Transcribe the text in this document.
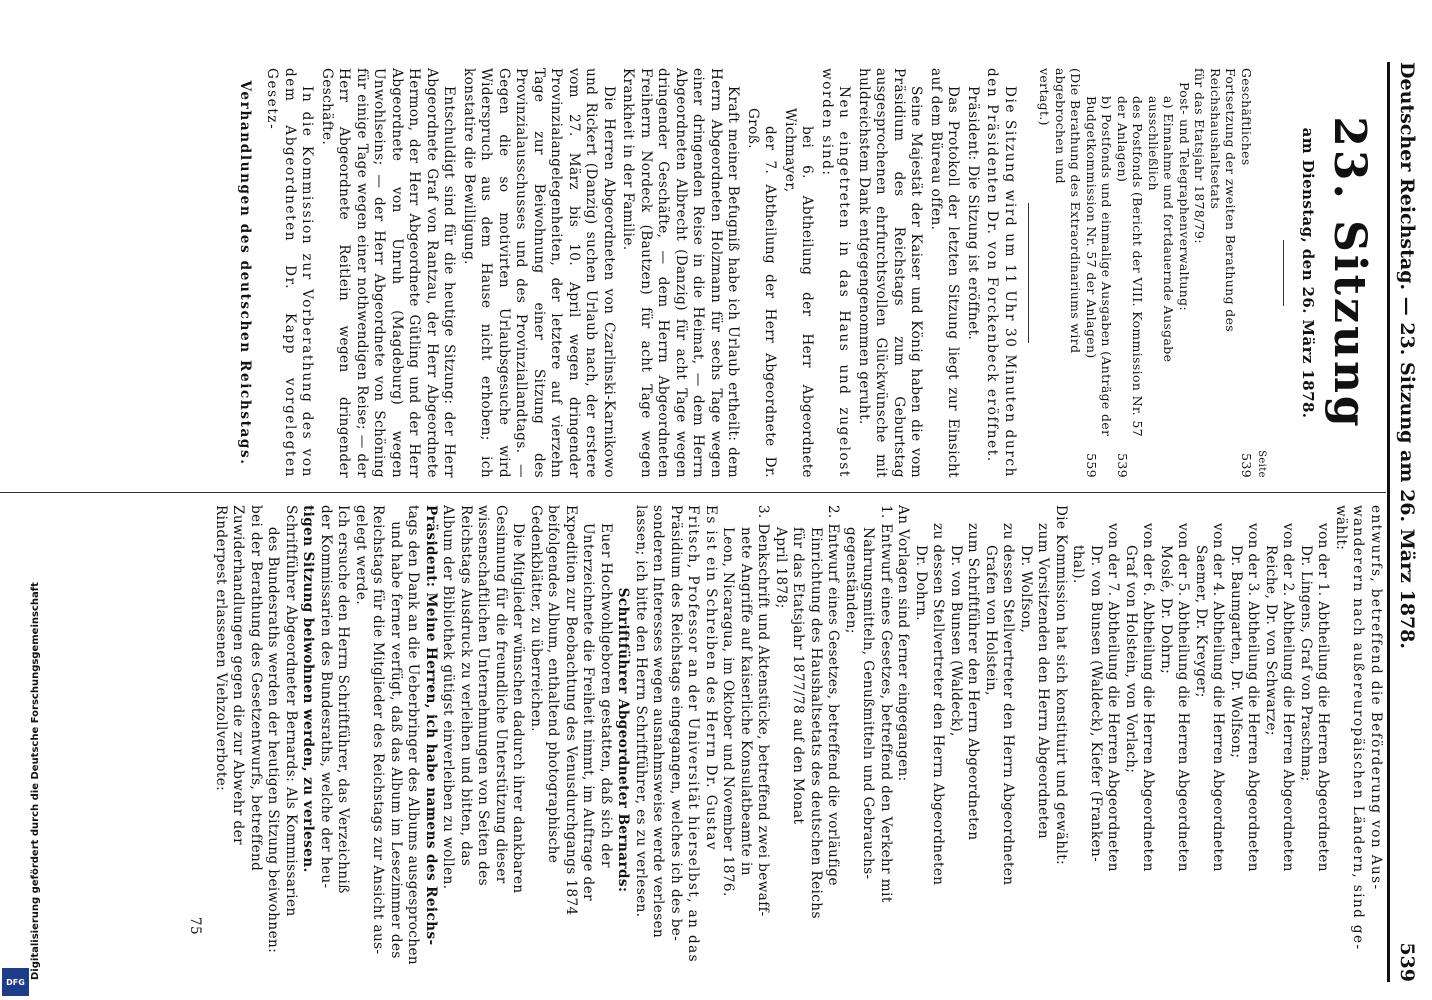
Deutscher Reichstag. — 23. Sitzung am 26. März 1878.
539
entwurfs, betreffend die Beförderung von Aus-
wanderern nach außereuropäischen Ländern, sind ge-
wählt:
von der 1. Abtheilung die Herren Abgeordneten
Dr. Lingens, Graf von Praschma;
von der 2. Abtheilung die Herren Abgeordneten
Reiche, Dr. von Schwarze;
von der 3. Abtheilung die Herren Abgeordneten
Dr. Baumgarten, Dr. Wolfson;
von der 4. Abtheilung die Herren Abgeordneten
Saemer, Dr. Kreyger;
von der 5. Abtheilung die Herren Abgeordneten
Moslé, Dr. Dohrn;
von der 6. Abtheilung die Herren Abgeordneten
Graf von Holstein, von Vorlach;
von der 7. Abtheilung die Herren Abgeordneten
Dr. von Bunsen (Waldeck), Kiefer (Franken-
thal).
Die Kommission hat sich konstituirt und gewählt:
zum Vorsitzenden den Herrn Abgeordneten
Dr. Wolfson,
zu dessen Stellvertreter den Herrn Abgeordneten
Grafen von Holstein,
zum Schriftführer den Herrn Abgeordneten
Dr. von Bunsen (Waldeck),
zu dessen Stellvertreter den Herrn Abgeordneten
Dr. Dohrn.
An Vorlagen sind ferner eingegangen:
1. Entwurf eines Gesetzes, betreffend den Verkehr mit
Nahrungsmitteln, Genußmitteln und Gebrauchs-
gegenständen;
2. Entwurf eines Gesetzes, betreffend die vorläufige
Einrichtung des Haushaltsetats des deutschen Reichs
für das Etatsjahr 1877/78 auf den Monat
April 1878;
3. Denkschrift und Aktenstücke, betreffend zwei bewaff-
nete Angriffe auf kaiserliche Konsulatbeamte in
Leon, Nicaragua, im Oktober und November 1876.
Es ist ein Schreiben des Herrn Dr. Gustav
Fritsch, Professor an der Universität hierselbst, an das
Präsidium des Reichstags eingegangen, welches ich des be-
sonderen Interesses wegen ausnahmsweise werde verlesen
lassen; ich bitte den Herrn Schriftführer, es zu verlesen.
Schriftführer Abgeordneter Bernards:
Euer Hochwohlgeboren gestatten, daß sich der
Unterzeichnete die Freiheit nimmt, im Auftrage der
Expedition zur Beobachtung des Venusdurchgangs 1874
beifolgendes Album, enthaltend photographische
Gedenkblätter, zu überreichen.
Die Mitglieder wünschen dadurch ihrer dankbaren
Gesinnung für die freundliche Unterstützung dieser
wissenschaftlichen Unternehmungen von Seiten des
Reichstags Ausdruck zu verleihen und bitten, das
Album der Bibliothek gütigst einverleiben zu wollen.
Präsident: Meine Herren, ich habe namens des Reichs-
tags den Dank an die Ueberbringer des Albums ausgesprochen
und habe ferner verfügt, daß das Album im Lesezimmer des
Reichstags für die Mitglieder des Reichstags zur Ansicht aus-
gelegt werde.
Ich ersuche den Herrn Schriftführer, das Verzeichniß
der Kommissarien des Bundesraths, welche der heu-
tigen Sitzung beiwohnen werden, zu verlesen.
Schriftführer Abgeordneter Bernards: Als Kommissarien
des Bundesraths werden der heutigen Sitzung beiwohnen:
bei der Berathung des Gesetzentwurfs, betreffend
Zuwiderhandlungen gegen die zur Abwehr der
Rinderpest erlassenen Viehzollverbote:
75
23. Sitzung
am Dienstag, den 26. März 1878.
Seite
Geschäftliches
539
Fortsetzung der zweiten Berathung des Reichshaushaltsetats
für das Etatsjahr 1878/79:
Post- und Telegraphenverwaltung:
a) Einnahme und fortdauernde Ausgabe ausschließlich
des Postfonds (Bericht der VIII. Kommission Nr. 57
der Anlagen)
539
b) Postfonds und einmalige Ausgaben (Anträge der
Budgetkommission Nr. 57 der Anlagen)
559
(Die Berathung des Extraordinariums wird abgebrochen und
vertagt.)

Die Sitzung wird um 11 Uhr 30 Minuten durch den Präsidenten Dr. von Forckenbeck eröffnet.

Präsident: Die Sitzung ist eröffnet.

Das Protokoll der letzten Sitzung liegt zur Einsicht auf dem Büreau offen.

Seine Majestät der Kaiser und König haben die vom Präsidium des Reichstags zum Geburtstag ausgesprochenen ehrfurchtsvollen Glückwünsche mit huldreichstem Dank entgegengenommen geruht.

Neu eingetreten in das Haus und zugelost worden sind:

bei 6. Abtheilung der Herr Abgeordnete Wichmayer,

der 7. Abtheilung der Herr Abgeordnete Dr. Groß.

Kraft meiner Befugniß habe ich Urlaub ertheilt: dem Herrn Abgeordneten Holzmann für sechs Tage wegen einer dringenden Reise in die Heimat, — dem Herrn Abgeordneten Albrecht (Danzig) für acht Tage wegen dringender Geschäfte, — dem Herrn Abgeordneten Freiherrn Nordeck (Bautzen) für acht Tage wegen Krankheit in der Familie.

Die Herren Abgeordneten von Czarlinski-Karnikowo und Rickert (Danzig) suchen Urlaub nach, der erstere vom 27. März bis 10. April wegen dringender Provinzialangelegenheiten, der letztere auf vierzehn Tage zur Beiwohnung einer Sitzung des Provinzialausschusses und des Provinziallandtags. — Gegen die so motivirten Urlaubsgesuche wird Widerspruch aus dem Hause nicht erhoben; ich konstatire die Bewilligung.

Entschuldigt sind für die heutige Sitzung: der Herr Abgeordnete Graf von Rantzau, der Herr Abgeordnete Hermon, der Herr Abgeordnete Gütling und der Herr Abgeordnete von Unruh (Magdeburg) wegen Unwohlseins; — der Herr Abgeordnete von Schöning für einige Tage wegen einer nothwendigen Reise; — der Herr Abgeordnete Reitlein wegen dringender Geschäfte.

In die Kommission zur Vorberathung des von dem Abgeordneten Dr. Kapp vorgelegten Gesetz-

Verhandlungen des deutschen Reichstags.
Digitalisierung gefördert durch die Deutsche Forschungsgemeinschaft
DFG
